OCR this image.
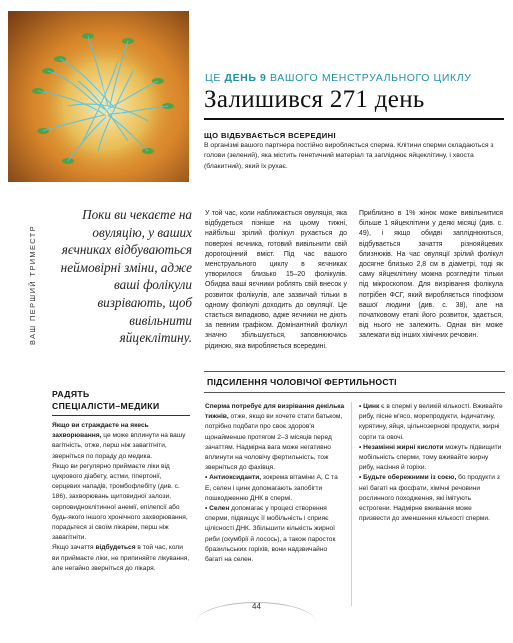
ЦЕ ДЕНЬ 9 ВАШОГО МЕНСТРУАЛЬНОГО ЦИКЛУ
Залишився 271 день
ЩО ВІДБУВАЄТЬСЯ ВСЕРЕДИНІ
В організмі вашого партнера постійно виробляється сперма. Клітини сперми складаються з голови (зелений), яка містить генетичний матеріал та запліднює яйцеклітину, і хвоста (блакитний), який їх рухає.
ВАШ ПЕРШИЙ ТРИМЕСТР
Поки ви чекаєте на овуляцію, у ваших яєчниках відбуваються неймовірні зміни, адже ваші фолікули визрівають, щоб вивільнити яйцеклітину.
РАДЯТЬ
СПЕЦІАЛІСТИ–МЕДИКИ

Якщо ви страждаєте на якесь захворювання, це може вплинути на вашу вагітність, отже, перш ніж завагітніти, зверніться по пораду до медика.

Якщо ви регулярно приймаєте ліки від цукрового діабету, астми, гіпертонії, серцевих нападів, тромбофлебіту (див. с. 186), захворювань щитовидної залози, серповидноклітинної анемії, епілепсії або будь-якого іншого хронічного захворювання, порадьтеся зі своїм лікарем, перш ніж завагітніти.

Якщо зачаття відбудеться в той час, коли ви приймаєте ліки, не припиняйте лікування, але негайно зверніться до лікаря.

У той час, коли наближається овуляція, яка відбудеться пізніше на цьому тижні, найбільш зрілий фолікул рухається до поверхні яєчника, готовий вивільнити свій дорогоцінний вміст. Під час вашого менструального циклу в яєчниках утворилося близько 15–20 фолікулів. Обидва ваші яєчники роблять свій внесок у розвиток фолікулів, але зазвичай тільки в одному фолікулі доходить до овуляції. Це стається випадково, адже яєчники не діють за певним графіком. Домінантний фолікул значно збільшується, заповнюючись рідиною, яка виробляється всередині.
Приблизно в 1% жінок може вивільнитися більше 1 яйцеклітини у деякі місяці (див. с. 49), і якщо обидві запліднюються, відбувається зачаття різнояйцевих близнюків. На час овуляції зрілий фолікул досягне близько 2,8 см в діаметрі, тоді як саму яйцеклітину можна розгледіти тільки під мікроскопом. Для визрівання фолікула потрібен ФСГ, який виробляється гіпофізом вашої людини (див. с. 38), але на початковому етапі його розвиток, здається, від нього не залежить. Однак він може залежати від інших хімічних речовин.
ПІДСИЛЕННЯ ЧОЛОВІЧОЇ ФЕРТИЛЬНОСТІ

Сперма потребує для визрівання декілька тижнів, отже, якщо ви хочете стати батьком, потрібно подбати про своє здоров'я щонайменше протягом 2–3 місяців перед зачаттям. Надмірна вага може негативно вплинути на чоловічу фертильність, тож зверніться до фахівця.

• Антиоксиданти, зокрема вітаміни А, С та Е, селен і цинк допомагають запобігти пошкодженню ДНК в спермі.

• Селен допомагає у процесі створення сперми, підвищує її мобільність і сприяє цілісності ДНК. Збільшити кількість жирної риби (скумбрії й лосось), а також паросток бразильських горіхів, вони надзвичайно багаті на селен.

• Цинк є в спермі у великій кількості. Вживайте рибу, пісне м'ясо, морепродукти, індичатину, курятину, яйця, цільнозернові продукти, жирні сорти та овочі.

• Незамінні жирні кислоти можуть підвищити мобільність сперми, тому вживайте жирну рибу, насіння й горіхи.

• Будьте обережними із соєю, бо продукти з неї багаті на фосфати, хімічні речовини рослинного походження, які імітують естрогени. Надмірне вживання може призвести до зменшення кількості сперми.

44
